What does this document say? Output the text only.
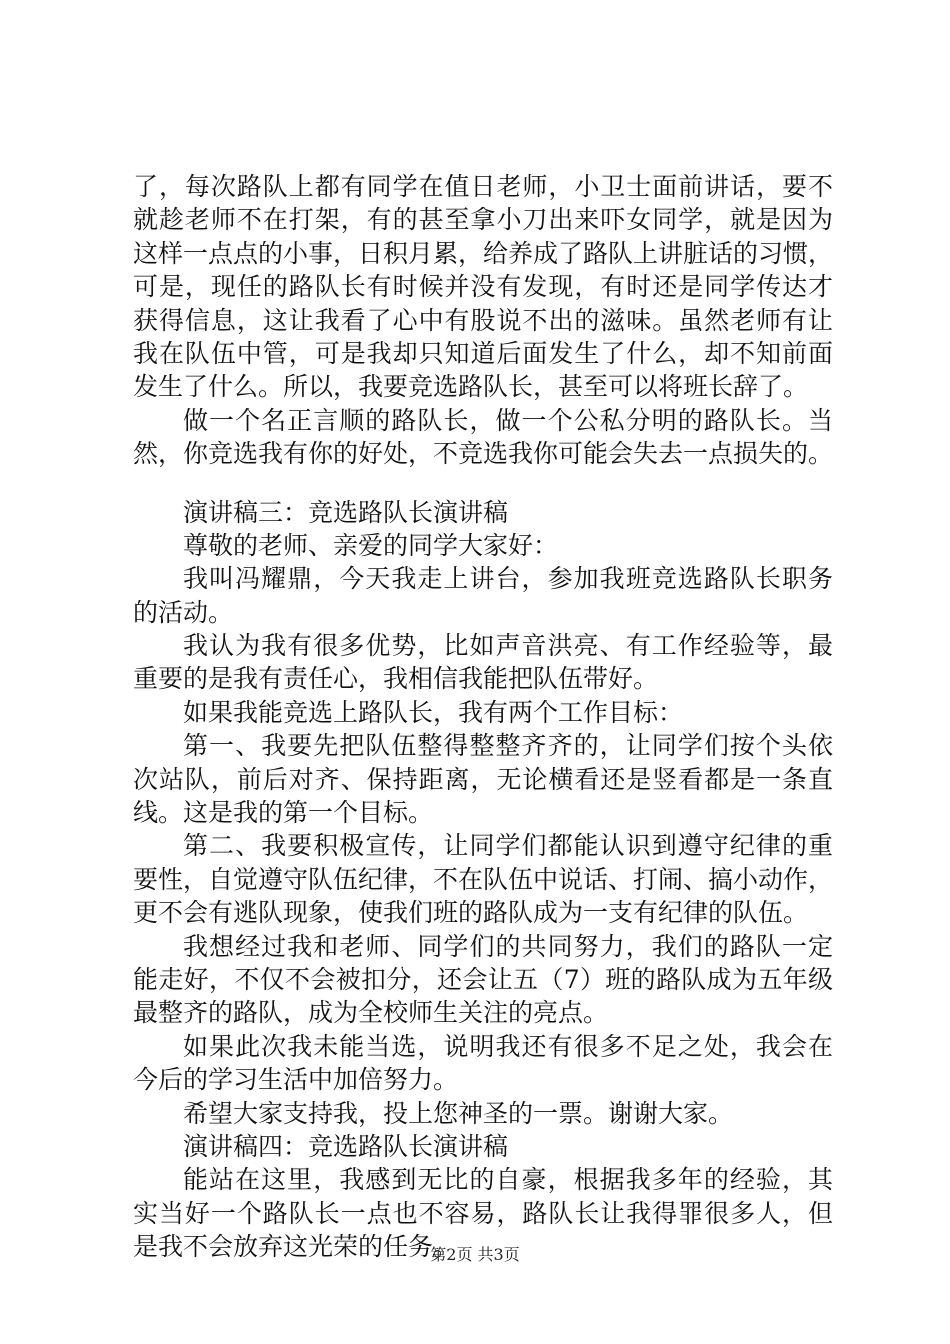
了，每次路队上都有同学在值日老师，小卫士面前讲话，要不
就趁老师不在打架，有的甚至拿小刀出来吓女同学，就是因为
这样一点点的小事，日积月累，给养成了路队上讲脏话的习惯，
可是，现任的路队长有时候并没有发现，有时还是同学传达才
获得信息，这让我看了心中有股说不出的滋味。虽然老师有让
我在队伍中管，可是我却只知道后面发生了什么，却不知前面
发生了什么。所以，我要竞选路队长，甚至可以将班长辞了。
做一个名正言顺的路队长，做一个公私分明的路队长。当
然，你竞选我有你的好处，不竞选我你可能会失去一点损失的。
演讲稿三：竞选路队长演讲稿
尊敬的老师、亲爱的同学大家好：
我叫冯耀鼎，今天我走上讲台，参加我班竞选路队长职务
的活动。
我认为我有很多优势，比如声音洪亮、有工作经验等，最
重要的是我有责任心，我相信我能把队伍带好。
如果我能竞选上路队长，我有两个工作目标：
第一、我要先把队伍整得整整齐齐的，让同学们按个头依
次站队，前后对齐、保持距离，无论横看还是竖看都是一条直
线。这是我的第一个目标。
第二、我要积极宣传，让同学们都能认识到遵守纪律的重
要性，自觉遵守队伍纪律，不在队伍中说话、打闹、搞小动作，
更不会有逃队现象，使我们班的路队成为一支有纪律的队伍。
我想经过我和老师、同学们的共同努力，我们的路队一定
能走好，不仅不会被扣分，还会让五（7）班的路队成为五年级
最整齐的路队，成为全校师生关注的亮点。
如果此次我未能当选，说明我还有很多不足之处，我会在
今后的学习生活中加倍努力。
希望大家支持我，投上您神圣的一票。谢谢大家。
演讲稿四：竞选路队长演讲稿
能站在这里，我感到无比的自豪，根据我多年的经验，其
实当好一个路队长一点也不容易，路队长让我得罪很多人，但
是我不会放弃这光荣的任务。
第2页 共3页
